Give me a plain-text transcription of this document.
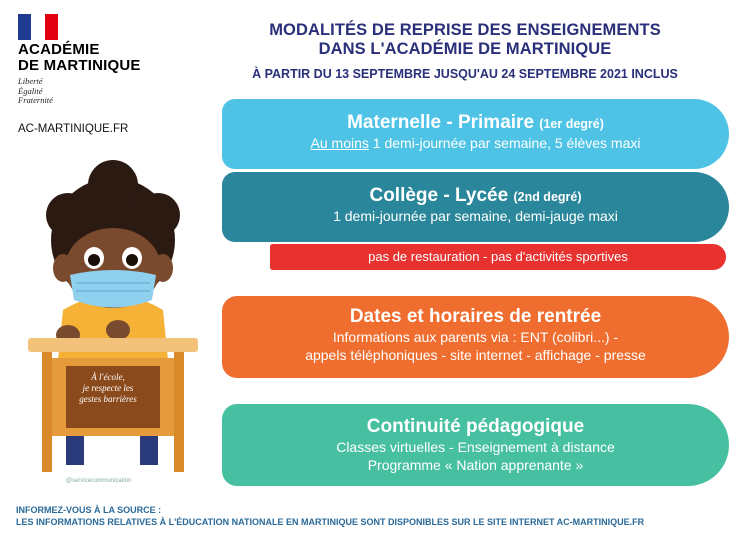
ACADÉMIE
DE MARTINIQUE
Liberté
Égalité
Fraternité
AC-MARTINIQUE.FR
MODALITÉS DE REPRISE DES ENSEIGNEMENTS
DANS L'ACADÉMIE DE MARTINIQUE
À PARTIR DU 13 SEPTEMBRE JUSQU'AU 24 SEPTEMBRE 2021 INCLUS
À l'école,
je respecte les
gestes barrières
@servicecommunication
Maternelle - Primaire (1er degré)
Au moins 1 demi-journée par semaine, 5 élèves maxi
Collège - Lycée (2nd degré)
1 demi-journée par semaine, demi-jauge maxi
pas de restauration - pas d'activités sportives
Dates et horaires de rentrée
Informations aux parents via : ENT (colibri...) -
appels téléphoniques - site internet - affichage - presse
Continuité pédagogique
Classes virtuelles - Enseignement à distance
Programme « Nation apprenante »
INFORMEZ-VOUS À LA SOURCE :
LES INFORMATIONS RELATIVES À L'ÉDUCATION NATIONALE EN MARTINIQUE SONT DISPONIBLES SUR LE SITE INTERNET AC-MARTINIQUE.FR
